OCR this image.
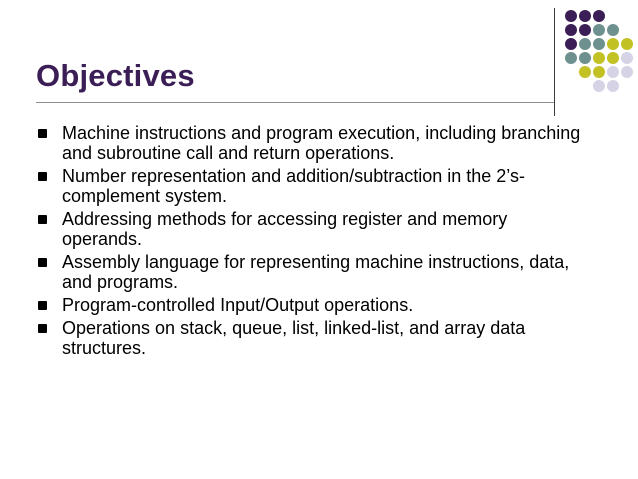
Objectives
Machine instructions and program execution, including branching and subroutine call and return operations.
Number representation and addition/subtraction in the 2’s-complement system.
Addressing methods for accessing register and memory operands.
Assembly language for representing machine instructions, data, and programs.
Program-controlled Input/Output operations.
Operations on stack, queue, list, linked-list, and array data structures.
